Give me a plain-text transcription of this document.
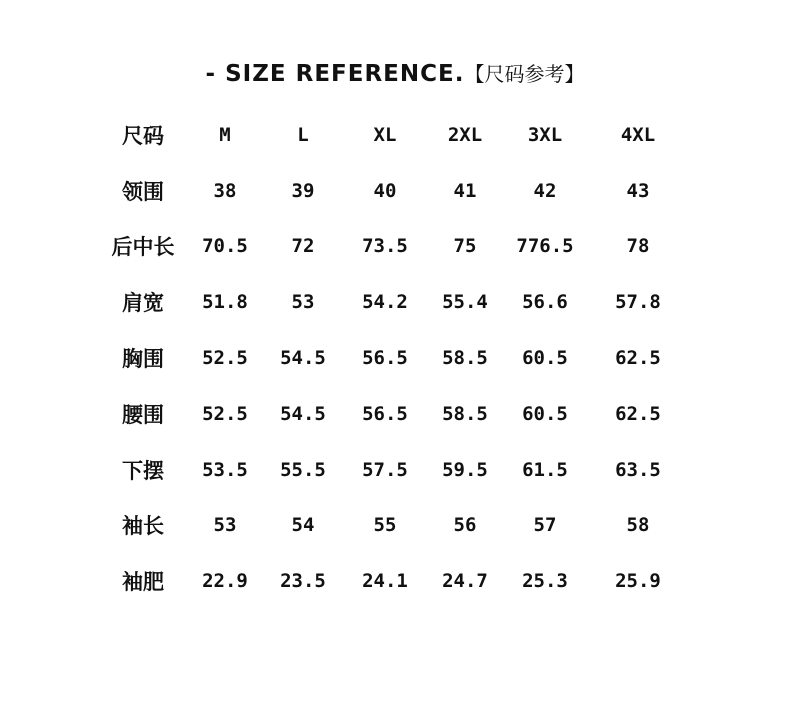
- SIZE REFERENCE.【尺码参考】
尺码	M	L	XL	2XL	3XL	4XL
领围	38	39	40	41	42	43
后中长	70.5	72	73.5	75	776.5	78
肩宽	51.8	53	54.2	55.4	56.6	57.8
胸围	52.5	54.5	56.5	58.5	60.5	62.5
腰围	52.5	54.5	56.5	58.5	60.5	62.5
下摆	53.5	55.5	57.5	59.5	61.5	63.5
袖长	53	54	55	56	57	58
袖肥	22.9	23.5	24.1	24.7	25.3	25.9
